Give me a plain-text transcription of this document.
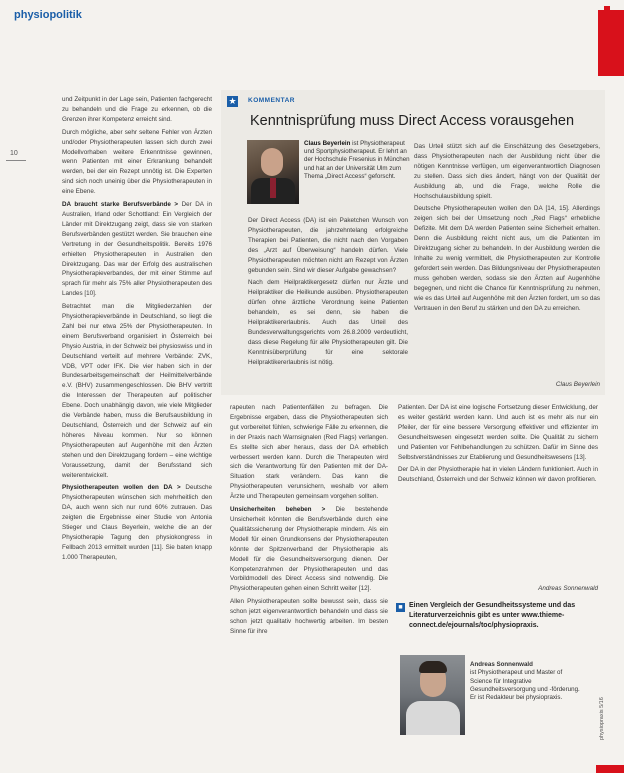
physiopolitik
10

und Zeitpunkt in der Lage sein, Patienten fachgerecht zu behandeln und die Frage zu erkennen, ob die Grenzen ihrer Kompetenz erreicht sind.

Durch mögliche, aber sehr seltene Fehler von Ärzten und/oder Physiotherapeuten lassen sich durch zwei Modellvorhaben weitere Erkenntnisse gewinnen, wenn Patienten mit einer Erkrankung behandelt werden, bei der ein Rezept unnötig ist. Die Experten sind sich noch uneinig über die Physiotherapeuten in eine Ebene.

DA braucht starke Berufsverbände > Der DA in Australien, Irland oder Schottland: Ein Vergleich der Länder mit Direktzugang zeigt, dass sie von starken Berufsverbänden gestützt werden. Sie brauchen eine Vertretung in der Gesundheitspolitik. Bereits 1976 erhielten Physiotherapeuten in Australien den Direktzugang. Das war der Erfolg des australischen Physiotherapieverbandes, der mit einer Stimme auf sprach für mehr als 75% aller Physiotherapeuten des Landes [10].

Betrachtet man die Mitgliederzahlen der Physiotherapieverbände in Deutschland, so liegt die Zahl bei nur etwa 25% der Physiotherapeuten. In einem Berufsverband organisiert in Österreich bei Physio Austria, in der Schweiz bei physioswiss und in Deutschland verteilt auf mehrere Verbände: ZVK, VDB, VPT oder IFK. Die vier haben sich in der Bundesarbeitsgemeinschaft der Heilmittelverbände e.V. (BHV) zusammengeschlossen. Die BHV vertritt die Interessen der Therapeuten auf politischer Ebene. Doch unabhängig davon, wie viele Mitglieder die Verbände haben, muss die Berufsausbildung in Deutschland, Österreich und der Schweiz auf ein höheres Niveau kommen. Nur so können Physiotherapeuten auf Augenhöhe mit den Ärzten stehen und den Direktzugang fordern – eine wichtige Voraussetzung, damit der Berufsstand sich weiterentwickelt.

Physiotherapeuten wollen den DA > Deutsche Physiotherapeuten wünschen sich mehrheitlich den DA, auch wenn sich nur rund 60% zutrauen. Das zeigten die Ergebnisse einer Studie von Antonia Stieger und Claus Beyerlein, welche die an der Physiotherapie Tagung den physiokongress in Fellbach 2013 ermittelt wurden [11]. Sie baten knapp 1.000 Therapeuten,

★ KOMMENTAR
Kenntnisprüfung muss Direct Access vorausgehen
Claus Beyerlein ist Physiotherapeut und Sportphysiotherapeut. Er lehrt an der Hochschule Fresenius in München und hat an der Universität Ulm zum Thema „Direct Access“ geforscht.

Der Direct Access (DA) ist ein Paketchen Wunsch von Physiotherapeuten, die jahrzehntelang erfolgreiche Therapien bei Patienten, die nicht nach den Vorgaben des „Arzt auf Überweisung“ handeln dürfen. Viele Physiotherapeuten möchten nicht am Rezept von Ärzten gebunden sein. Sind wir dieser Aufgabe gewachsen?

Nach dem Heilpraktikergesetz dürfen nur Ärzte und Heilpraktiker die Heilkunde ausüben. Physiotherapeuten dürfen ohne ärztliche Verordnung keine Patienten behandeln, es sei denn, sie haben die Heilpraktikererlaubnis. Auch das Urteil des Bundesverwaltungsgerichts vom 26.8.2009 verdeutlicht, dass diese Regelung für alle Physiotherapeuten gilt. Die Kenntnisüberprüfung für eine sektorale Heilpraktikererlaubnis ist nötig.

Das Urteil stützt sich auf die Einschätzung des Gesetzgebers, dass Physiotherapeuten nach der Ausbildung nicht über die nötigen Kenntnisse verfügen, um eigenverantwortlich Diagnosen zu stellen. Dass sich dies ändert, hängt von der Qualität der Ausbildung ab, und die Frage, welche Rolle die Hochschulausbildung spielt.

Deutsche Physiotherapeuten wollen den DA [14, 15]. Allerdings zeigen sich bei der Umsetzung noch „Red Flags“ erhebliche Defizite. Mit dem DA werden Patienten seine Sicherheit erhalten. Denn die Ausbildung reicht nicht aus, um die Patienten im Direktzugang sicher zu behandeln. In der Ausbildung werden die Inhalte zu wenig vermittelt, die Physiotherapeuten zur Kontrolle gefordert sein werden. Das Bildungsniveau der Physiotherapeuten muss gehoben werden, sodass sie den Ärzten auf Augenhöhe begegnen, und nicht die Chance für Kenntnisprüfung zu nehmen, wie es das Urteil auf Augenhöhe mit den Ärzten fordert, um so das Vertrauen in den Beruf zu stärken und den DA zu erreichen.

Claus Beyerlein

rapeuten nach Patientenfällen zu befragen. Die Ergebnisse ergaben, dass die Physiotherapeuten sich gut vorbereitet fühlen, schwierige Fälle zu erkennen, die in der Praxis nach Warnsignalen (Red Flags) verlangen. Es stellte sich aber heraus, dass der DA erheblich verbessert werden kann. Durch die Therapeuten wird sich die Verantwortung für den Patienten mit der DA-Situation stark verändern. Das kann die Physiotherapeuten verunsichern, weshalb vor allem Ärzte und Therapeuten gemeinsam vorgehen sollten.

Unsicherheiten beheben > Die bestehende Unsicherheit könnten die Berufsverbände durch eine Qualitätssicherung der Physiotherapie mindern. Als ein Modell für einen Grundkonsens der Physiotherapeuten könnte der Spitzenverband der Physiotherapie als Modell für die Gesundheitsversorgung dienen. Der Kompetenzrahmen der Physiotherapeuten und das Vorbildmodell des Direct Access sind notwendig. Die Physiotherapeuten gehen einen Schritt weiter [12].

Allen Physiotherapeuten sollte bewusst sein, dass sie schon jetzt eigenverantwortlich behandeln und dass sie schon jetzt qualitativ hochwertig arbeiten. Im besten Sinne für ihre

Patienten. Der DA ist eine logische Fortsetzung dieser Entwicklung, der es weiter gestärkt werden kann. Und auch ist es mehr als nur ein Pfeiler, der für eine bessere Versorgung effektiver und effizienter im Gesundheitswesen eingesetzt werden sollte. Die Qualität zu sichern und Patienten vor Fehlbehandlungen zu schützen. Dafür im Sinne des Selbstverständnisses zur Etablierung und Gesundheitswesens [13].

Der DA in der Physiotherapie hat in vielen Ländern funktioniert. Auch in Deutschland, Österreich und der Schweiz können wir davon profitieren.

Andreas Sonnenwald
■ Einen Vergleich der Gesundheitssysteme und das Literaturverzeichnis gibt es unter www.thieme-connect.de/ejournals/toc/physiopraxis.
Andreas Sonnenwald
ist Physiotherapeut und Master of Science für Integrative Gesundheitsversorgung und -förderung. Er ist Redakteur bei physiopraxis.	physiopraxis 5/16
